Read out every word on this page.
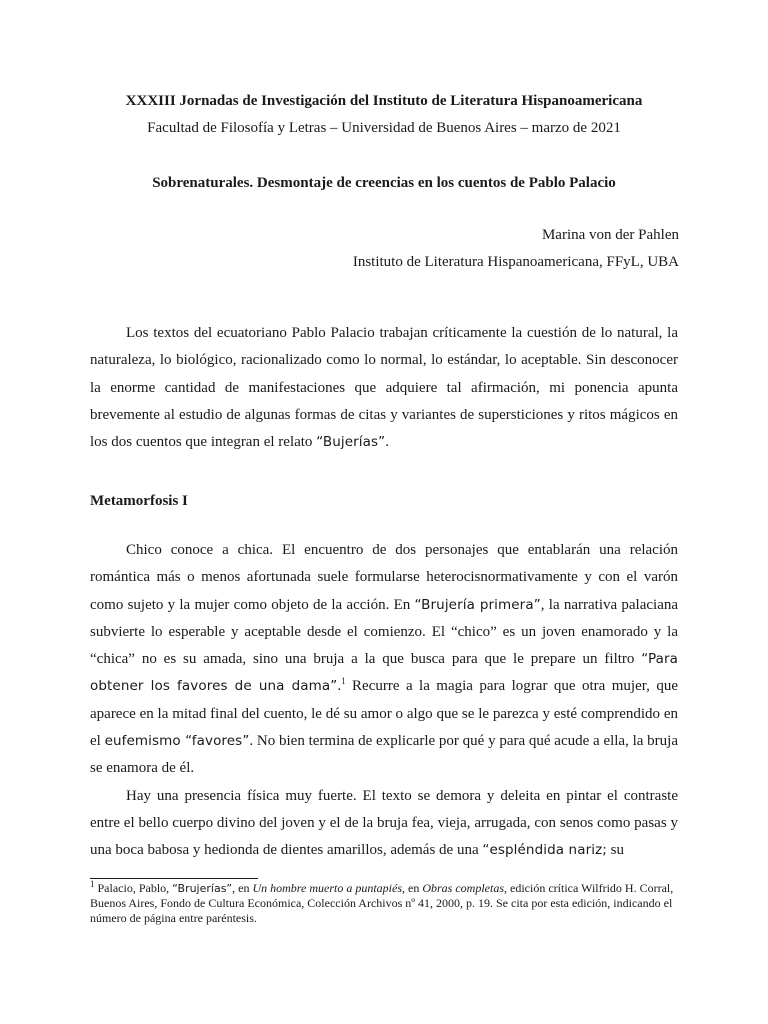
XXXIII Jornadas de Investigación del Instituto de Literatura Hispanoamericana
Facultad de Filosofía y Letras – Universidad de Buenos Aires – marzo de 2021
Sobrenaturales. Desmontaje de creencias en los cuentos de Pablo Palacio
Marina von der Pahlen
Instituto de Literatura Hispanoamericana, FFyL, UBA

Los textos del ecuatoriano Pablo Palacio trabajan críticamente la cuestión de lo natural, la naturaleza, lo biológico, racionalizado como lo normal, lo estándar, lo aceptable. Sin desconocer la enorme cantidad de manifestaciones que adquiere tal afirmación, mi ponencia apunta brevemente al estudio de algunas formas de citas y variantes de supersticiones y ritos mágicos en los dos cuentos que integran el relato “Bujerías”.

Metamorfosis I

Chico conoce a chica. El encuentro de dos personajes que entablarán una relación romántica más o menos afortunada suele formularse heterocisnormativamente y con el varón como sujeto y la mujer como objeto de la acción. En “Brujería primera”, la narrativa palaciana subvierte lo esperable y aceptable desde el comienzo. El “chico” es un joven enamorado y la “chica” no es su amada, sino una bruja a la que busca para que le prepare un filtro “Para obtener los favores de una dama”.$^1$ Recurre a la magia para lograr que otra mujer, que aparece en la mitad final del cuento, le dé su amor o algo que se le parezca y esté comprendido en el eufemismo “favores”. No bien termina de explicarle por qué y para qué acude a ella, la bruja se enamora de él.

Hay una presencia física muy fuerte. El texto se demora y deleita en pintar el contraste entre el bello cuerpo divino del joven y el de la bruja fea, vieja, arrugada, con senos como pasas y una boca babosa y hedionda de dientes amarillos, además de una “espléndida nariz; su

$^1$ Palacio, Pablo, “Brujerías”, en Un hombre muerto a puntapiés, en Obras completas, edición crítica Wilfrido H. Corral, Buenos Aires, Fondo de Cultura Económica, Colección Archivos nº 41, 2000, p. 19. Se cita por esta edición, indicando el número de página entre paréntesis.
